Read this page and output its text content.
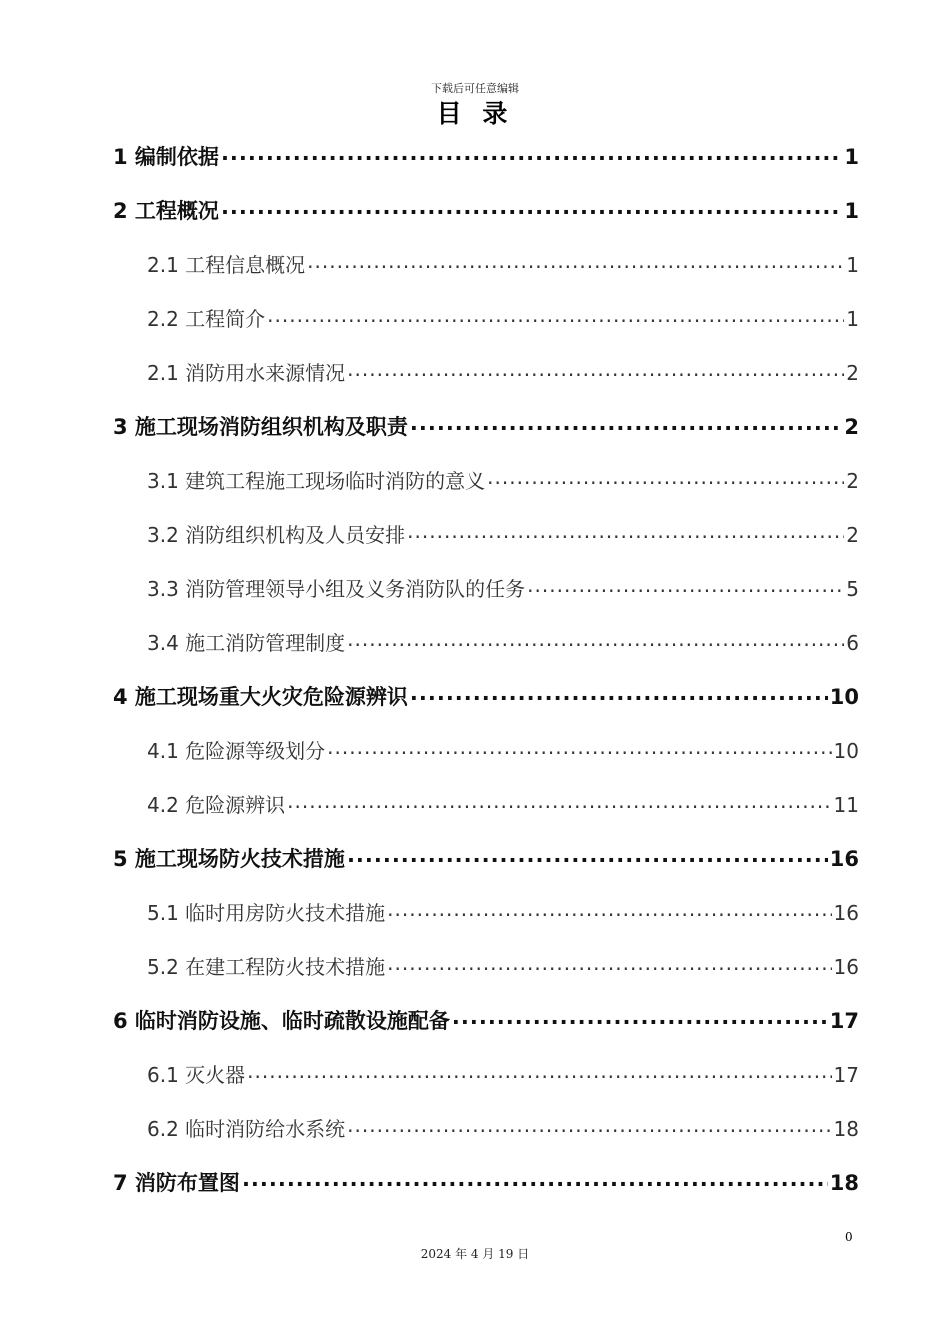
下载后可任意编辑
目 录
1 编制依据 .....	1
2 工程概况 .....	1
2.1 工程信息概况 .....	1
2.2 工程简介 .....	1
2.1 消防用水来源情况 .....	2
3 施工现场消防组织机构及职责 .....	2
3.1 建筑工程施工现场临时消防的意义 .....	2
3.2 消防组织机构及人员安排 .....	2
3.3 消防管理领导小组及义务消防队的任务 .....	5
3.4 施工消防管理制度 .....	6
4 施工现场重大火灾危险源辨识 .....	10
4.1 危险源等级划分 .....	10
4.2 危险源辨识 .....	11
5 施工现场防火技术措施 .....	16
5.1 临时用房防火技术措施 .....	16
5.2 在建工程防火技术措施 .....	16
6 临时消防设施、临时疏散设施配备 .....	17
6.1 灭火器 .....	17
6.2 临时消防给水系统 .....	18
7 消防布置图 .....	18
0
2024 年 4 月 19 日
